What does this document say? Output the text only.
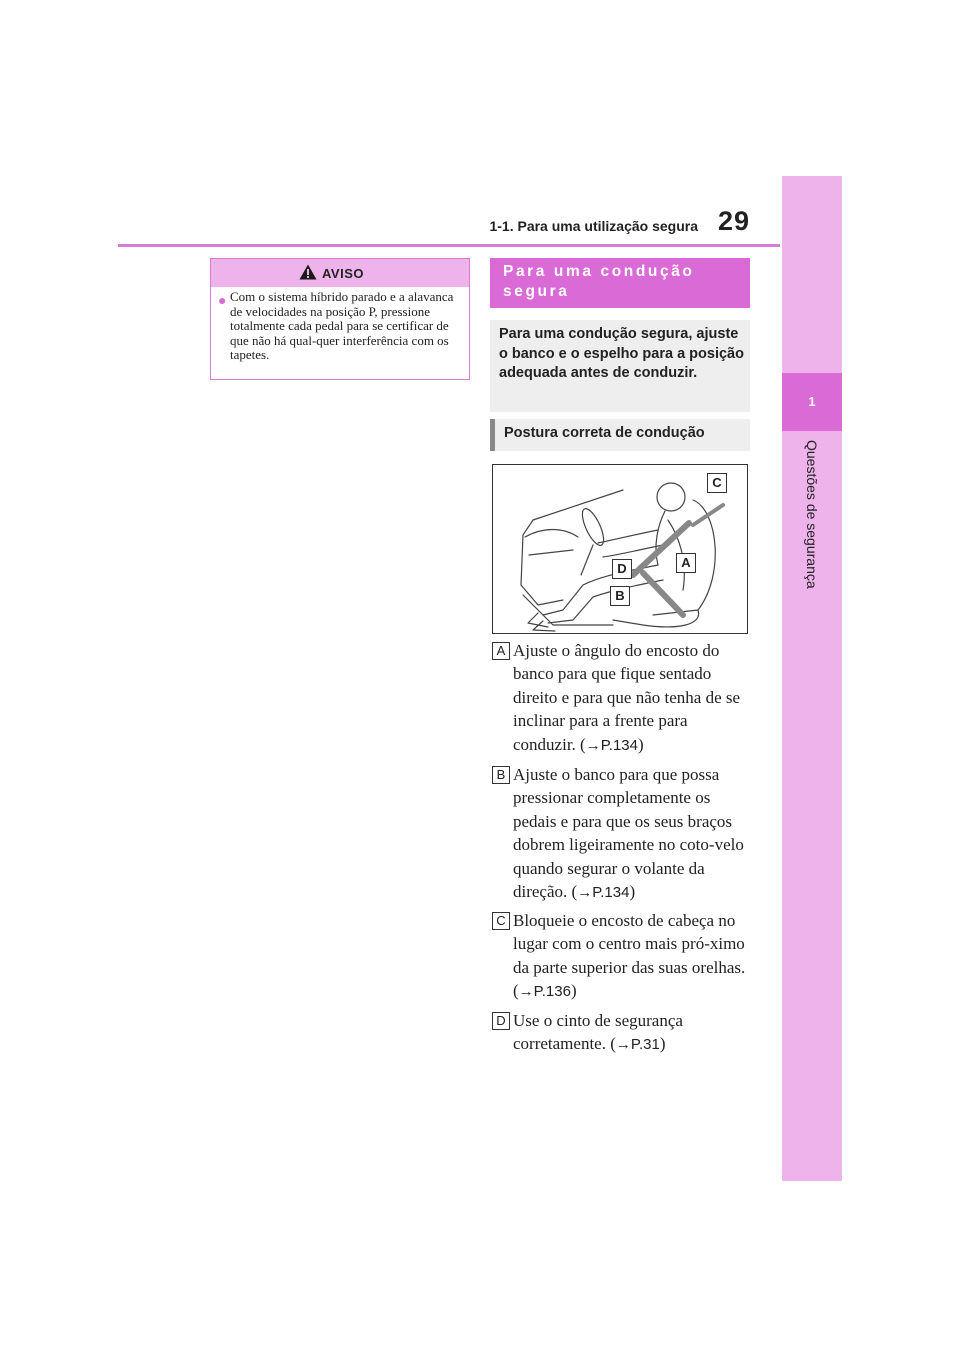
1-1. Para uma utilização segura 29
1
Questões de segurança
AVISO
● Com o sistema híbrido parado e a alavanca de velocidades na posição P, pressione totalmente cada pedal para se certificar de que não há qual-quer interferência com os tapetes.
Para uma condução segura
Para uma condução segura, ajuste o banco e o espelho para a posição adequada antes de conduzir.
Postura correta de condução
C
A
D
B
A Ajuste o ângulo do encosto do banco para que fique sentado direito e para que não tenha de se inclinar para a frente para conduzir. (→P.134)
B Ajuste o banco para que possa pressionar completamente os pedais e para que os seus braços dobrem ligeiramente no coto-velo quando segurar o volante da direção. (→P.134)
C Bloqueie o encosto de cabeça no lugar com o centro mais pró-ximo da parte superior das suas orelhas. (→P.136)
D Use o cinto de segurança corretamente. (→P.31)
